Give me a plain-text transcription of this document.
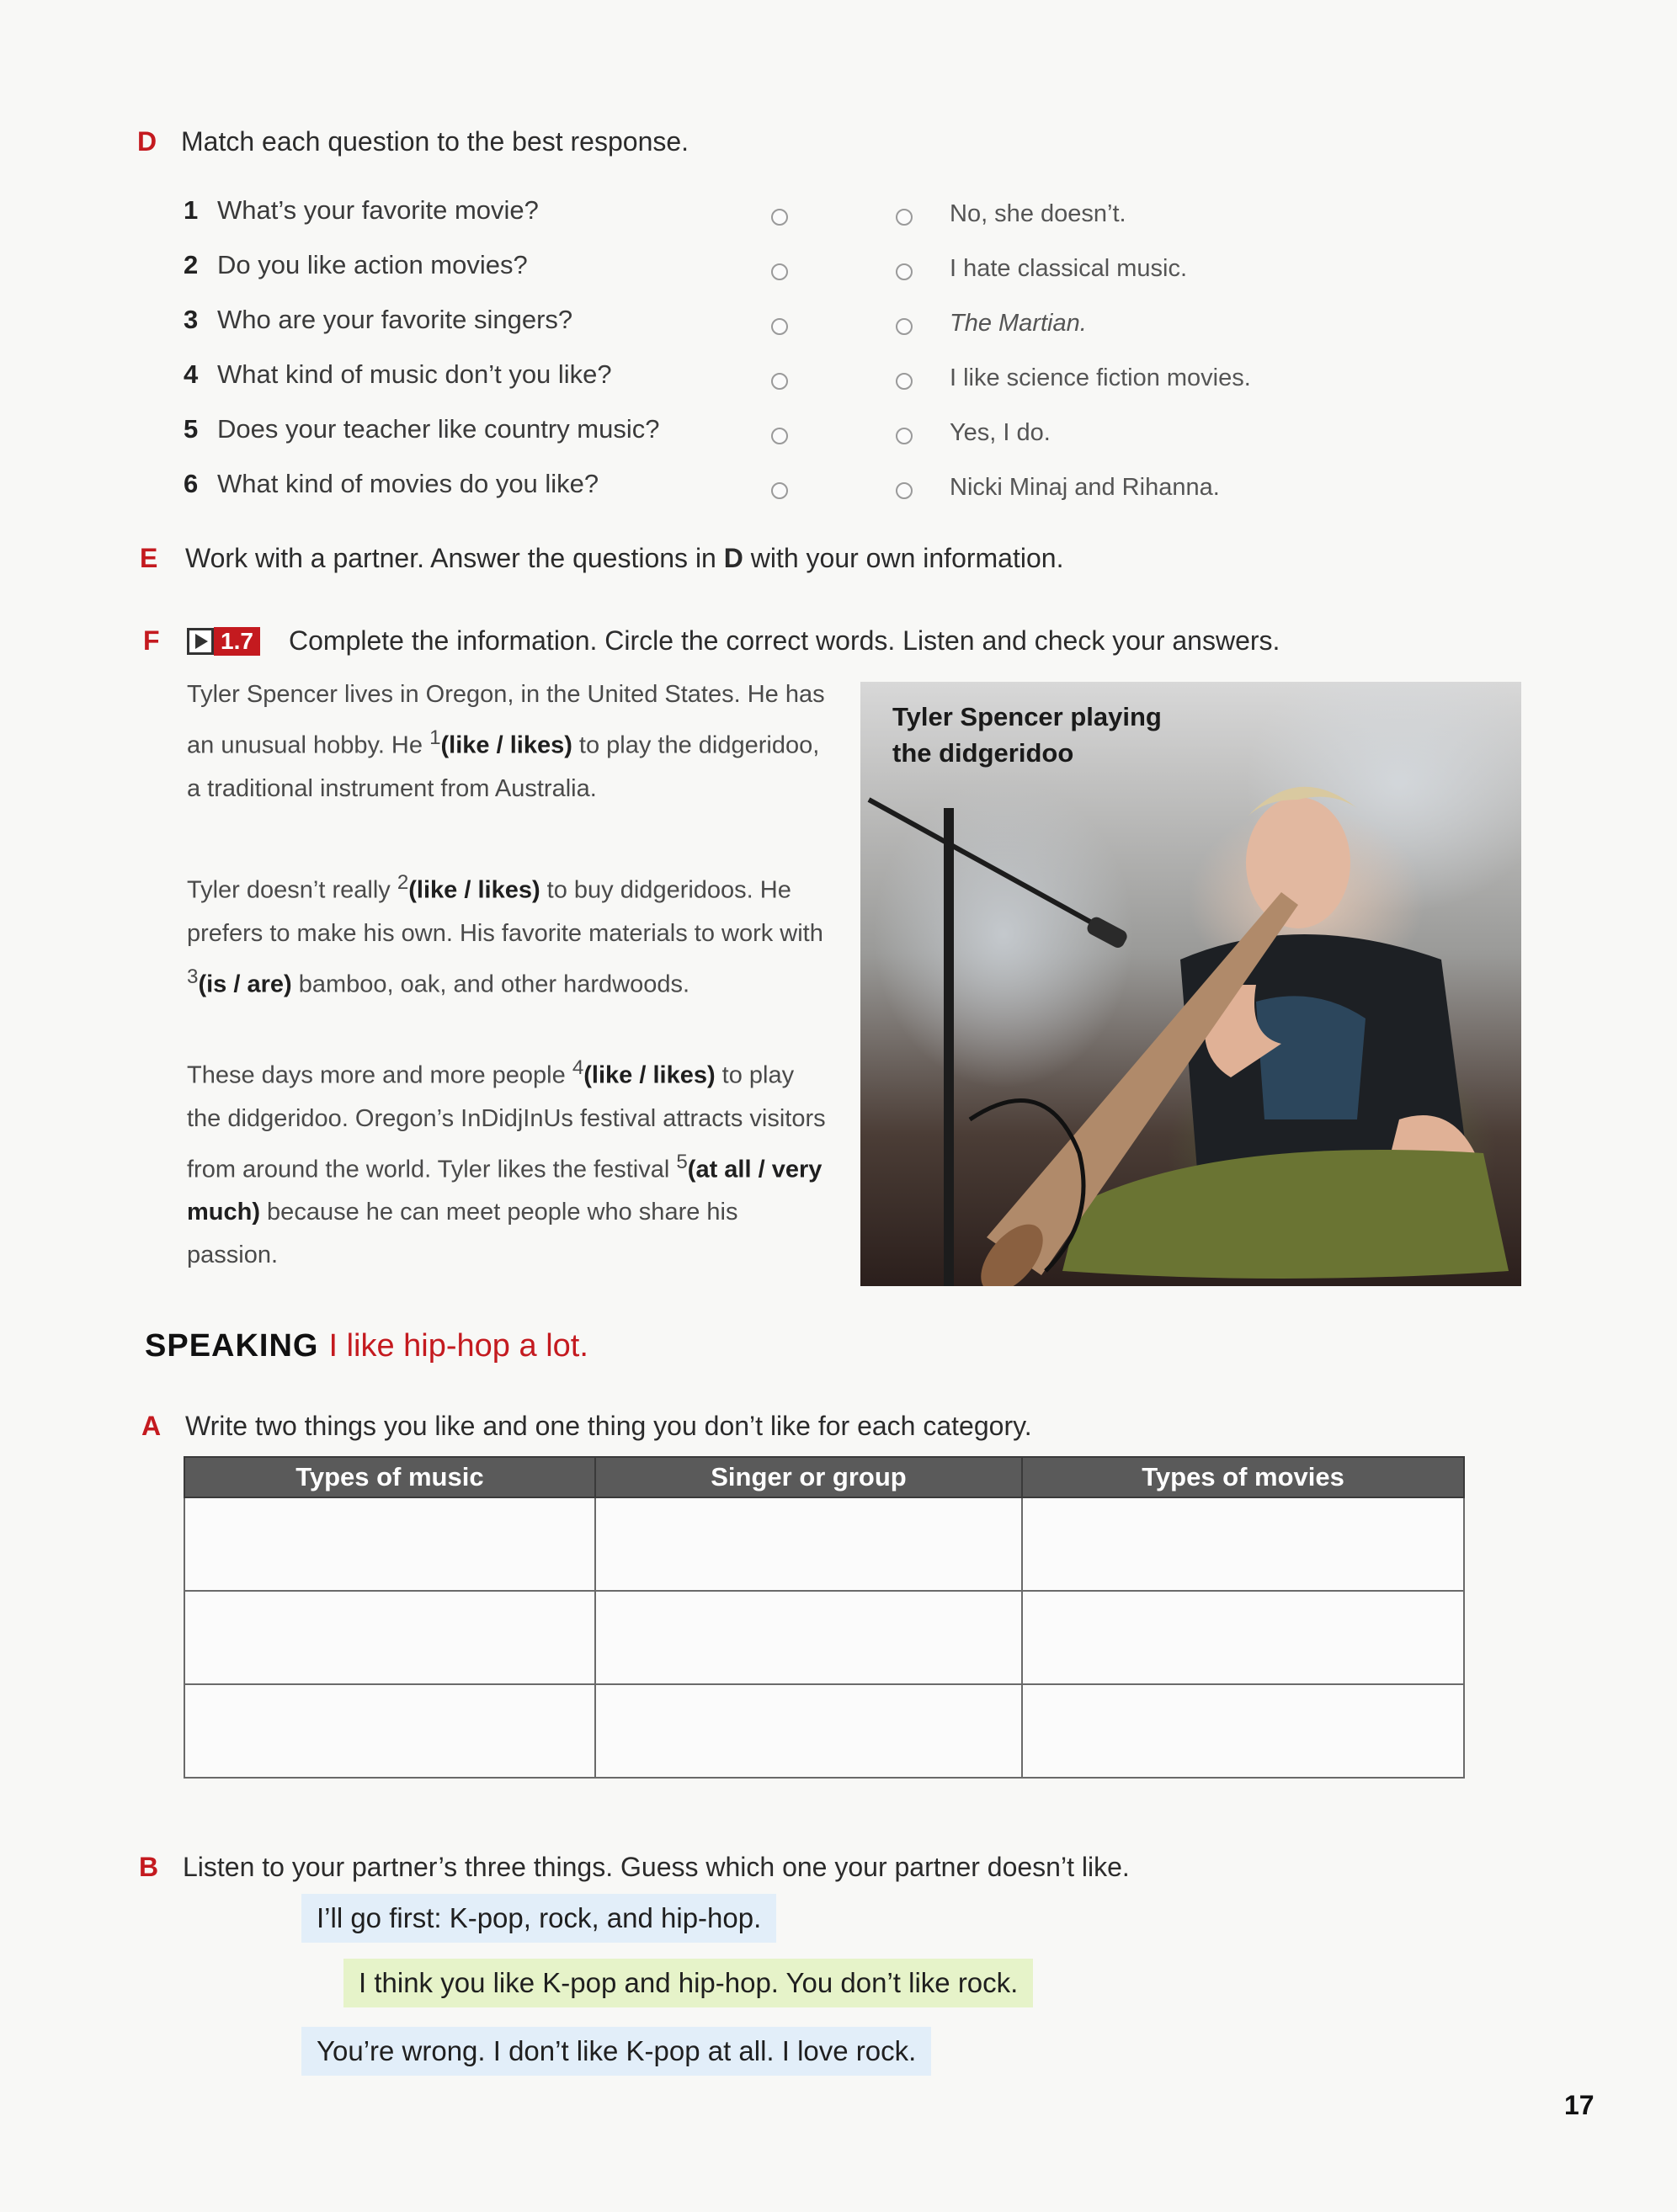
D Match each question to the best response.
1 What’s your favorite movie?
2 Do you like action movies?
3 Who are your favorite singers?
4 What kind of music don’t you like?
5 Does your teacher like country music?
6 What kind of movies do you like?
No, she doesn’t.
I hate classical music.
The Martian.
I like science fiction movies.
Yes, I do.
Nicki Minaj and Rihanna.
E Work with a partner. Answer the questions in D with your own information.
F	1.7 Complete the information. Circle the correct words. Listen and check your answers.
Tyler Spencer lives in Oregon, in the United States. He has an unusual hobby. He $^1$(like / likes) to play the didgeridoo, a traditional instrument from Australia.
Tyler doesn’t really $^2$(like / likes) to buy didgeridoos. He prefers to make his own. His favorite materials to work with $^3$(is / are) bamboo, oak, and other hardwoods.
These days more and more people $^4$(like / likes) to play the didgeridoo. Oregon’s InDidjInUs festival attracts visitors from around the world. Tyler likes the festival $^5$(at all / very much) because he can meet people who share his passion.
Tyler Spencer playing
the didgeridoo
SPEAKING I like hip-hop a lot.
A Write two things you like and one thing you don’t like for each category.
Types of music	Singer or group	Types of movies

B Listen to your partner’s three things. Guess which one your partner doesn’t like.
I’ll go first: K-pop, rock, and hip-hop.
I think you like K-pop and hip-hop. You don’t like rock.
You’re wrong. I don’t like K-pop at all. I love rock.
17
